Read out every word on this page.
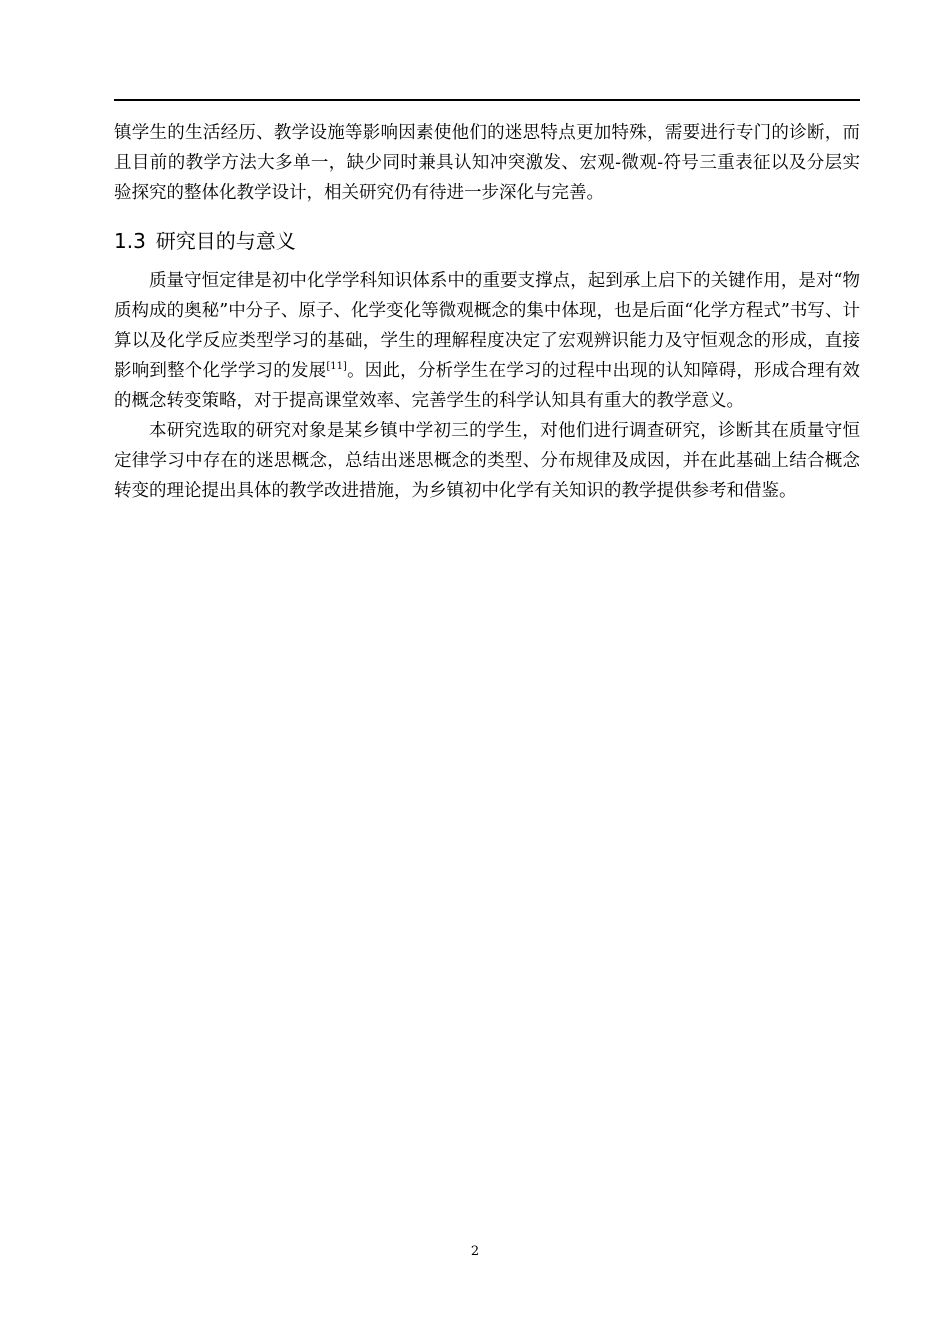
镇学生的生活经历、教学设施等影响因素使他们的迷思特点更加特殊，需要进行专门的诊断，而且目前的教学方法大多单一，缺少同时兼具认知冲突激发、宏观-微观-符号三重表征以及分层实验探究的整体化教学设计，相关研究仍有待进一步深化与完善。

1.3 研究目的与意义

质量守恒定律是初中化学学科知识体系中的重要支撑点，起到承上启下的关键作用，是对“物质构成的奥秘”中分子、原子、化学变化等微观概念的集中体现，也是后面“化学方程式”书写、计算以及化学反应类型学习的基础，学生的理解程度决定了宏观辨识能力及守恒观念的形成，直接影响到整个化学学习的发展[11]。因此，分析学生在学习的过程中出现的认知障碍，形成合理有效的概念转变策略，对于提高课堂效率、完善学生的科学认知具有重大的教学意义。

本研究选取的研究对象是某乡镇中学初三的学生，对他们进行调查研究，诊断其在质量守恒定律学习中存在的迷思概念，总结出迷思概念的类型、分布规律及成因，并在此基础上结合概念转变的理论提出具体的教学改进措施，为乡镇初中化学有关知识的教学提供参考和借鉴。

2
